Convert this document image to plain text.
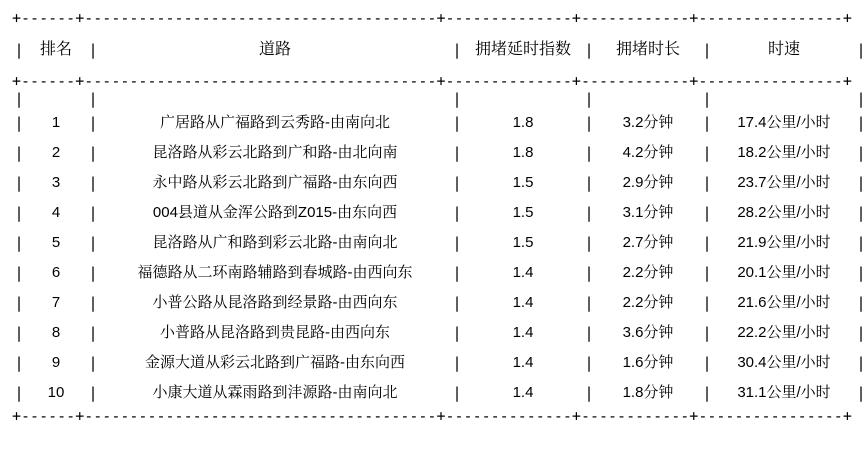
+------+---------------------------------------+--------------+------------+----------------+
|	排名	|	道路	|	拥堵延时指数	|	拥堵时长	|	时速	|
+------+---------------------------------------+--------------+------------+----------------+										
|		|		|		|		|		|
|	1	|	广居路从广福路到云秀路-由南向北	|	1.8	|	3.2分钟	|	17.4公里/小时	|
|	2	|	昆洛路从彩云北路到广和路-由北向南	|	1.8	|	4.2分钟	|	18.2公里/小时	|
|	3	|	永中路从彩云北路到广福路-由东向西	|	1.5	|	2.9分钟	|	23.7公里/小时	|
|	4	|	004县道从金浑公路到Z015-由东向西	|	1.5	|	3.1分钟	|	28.2公里/小时	|
|	5	|	昆洛路从广和路到彩云北路-由南向北	|	1.5	|	2.7分钟	|	21.9公里/小时	|
|	6	|	福德路从二环南路辅路到春城路-由西向东	|	1.4	|	2.2分钟	|	20.1公里/小时	|
|	7	|	小普公路从昆洛路到经景路-由西向东	|	1.4	|	2.2分钟	|	21.6公里/小时	|
|	8	|	小普路从昆洛路到贵昆路-由西向东	|	1.4	|	3.6分钟	|	22.2公里/小时	|
|	9	|	金源大道从彩云北路到广福路-由东向西	|	1.4	|	1.6分钟	|	30.4公里/小时	|
|	10	|	小康大道从霖雨路到沣源路-由南向北	|	1.4	|	1.8分钟	|	31.1公里/小时	|
+------+---------------------------------------+--------------+------------+----------------+
